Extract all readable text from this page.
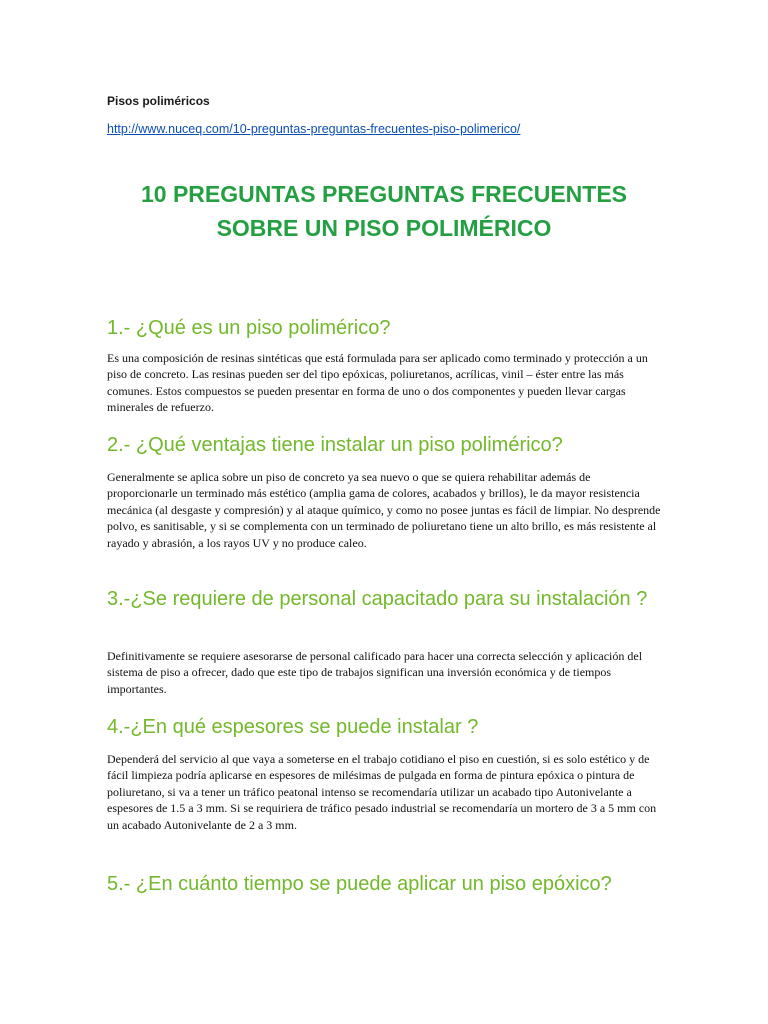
Pisos poliméricos
http://www.nuceq.com/10-preguntas-preguntas-frecuentes-piso-polimerico/
10 PREGUNTAS PREGUNTAS FRECUENTES
SOBRE UN PISO POLIMÉRICO
1.- ¿Qué es un piso polimérico?
Es una composición de resinas sintéticas que está formulada para ser aplicado como terminado y protección a un piso de concreto. Las resinas pueden ser del tipo epóxicas, poliuretanos, acrílicas, vinil – éster entre las más comunes. Estos compuestos se pueden presentar en forma de uno o dos componentes y pueden llevar cargas minerales de refuerzo.
2.- ¿Qué ventajas tiene instalar un piso polimérico?
Generalmente se aplica sobre un piso de concreto ya sea nuevo o que se quiera rehabilitar además de proporcionarle un terminado más estético (amplia gama de colores, acabados y brillos), le da mayor resistencia mecánica (al desgaste y compresión) y al ataque químico, y como no posee juntas es fácil de limpiar. No desprende polvo, es sanitisable, y si se complementa con un terminado de poliuretano tiene un alto brillo, es más resistente al rayado y abrasión, a los rayos UV y no produce caleo.
3.-¿Se requiere de personal capacitado para su instalación ?
Definitivamente se requiere asesorarse de personal calificado para hacer una correcta selección y aplicación del sistema de piso a ofrecer, dado que este tipo de trabajos significan una inversión económica y de tiempos importantes.
4.-¿En qué espesores se puede instalar ?
Dependerá del servicio al que vaya a someterse en el trabajo cotidiano el piso en cuestión, si es solo estético y de fácil limpieza podría aplicarse en espesores de milésimas de pulgada en forma de pintura epóxica o pintura de poliuretano, si va a tener un tráfico peatonal intenso se recomendaría utilizar un acabado tipo Autonivelante a espesores de 1.5 a 3 mm. Si se requiriera de tráfico pesado industrial se recomendaría un mortero de 3 a 5 mm con un acabado Autonivelante de 2 a 3 mm.
5.- ¿En cuánto tiempo se puede aplicar un piso epóxico?
